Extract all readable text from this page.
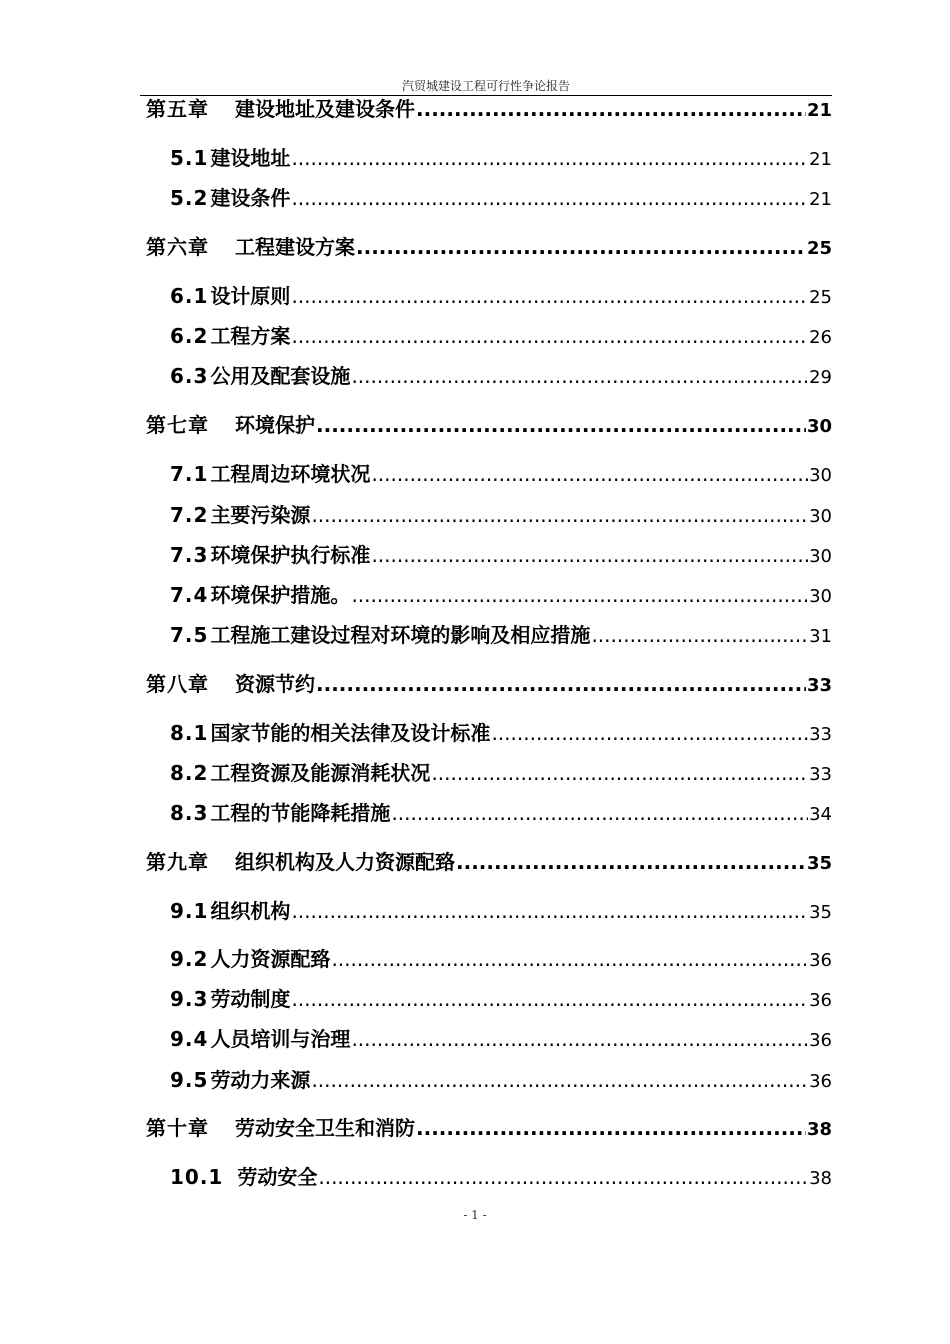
汽贸城建设工程可行性争论报告
第五章 建设地址及建设条件 .....	21
5.1 建设地址 .....	21
5.2 建设条件 .....	21
第六章 工程建设方案 .....	25
6.1 设计原则 .....	25
6.2 工程方案 .....	26
6.3 公用及配套设施 .....	29
第七章 环境保护 .....	30
7.1 工程周边环境状况 .....	30
7.2 主要污染源 .....	30
7.3 环境保护执行标准 .....	30
7.4 环境保护措施。 .....	30
7.5 工程施工建设过程对环境的影响及相应措施 .....	31
第八章 资源节约 .....	33
8.1 国家节能的相关法律及设计标准 .....	33
8.2 工程资源及能源消耗状况 .....	33
8.3 工程的节能降耗措施 .....	34
第九章 组织机构及人力资源配臵 .....	35
9.1 组织机构 .....	35
9.2 人力资源配臵 .....	36
9.3 劳动制度 .....	36
9.4 人员培训与治理 .....	36
9.5 劳动力来源 .....	36
第十章 劳动安全卫生和消防 .....	38
10.1 劳动安全 .....	38
- 1 -
